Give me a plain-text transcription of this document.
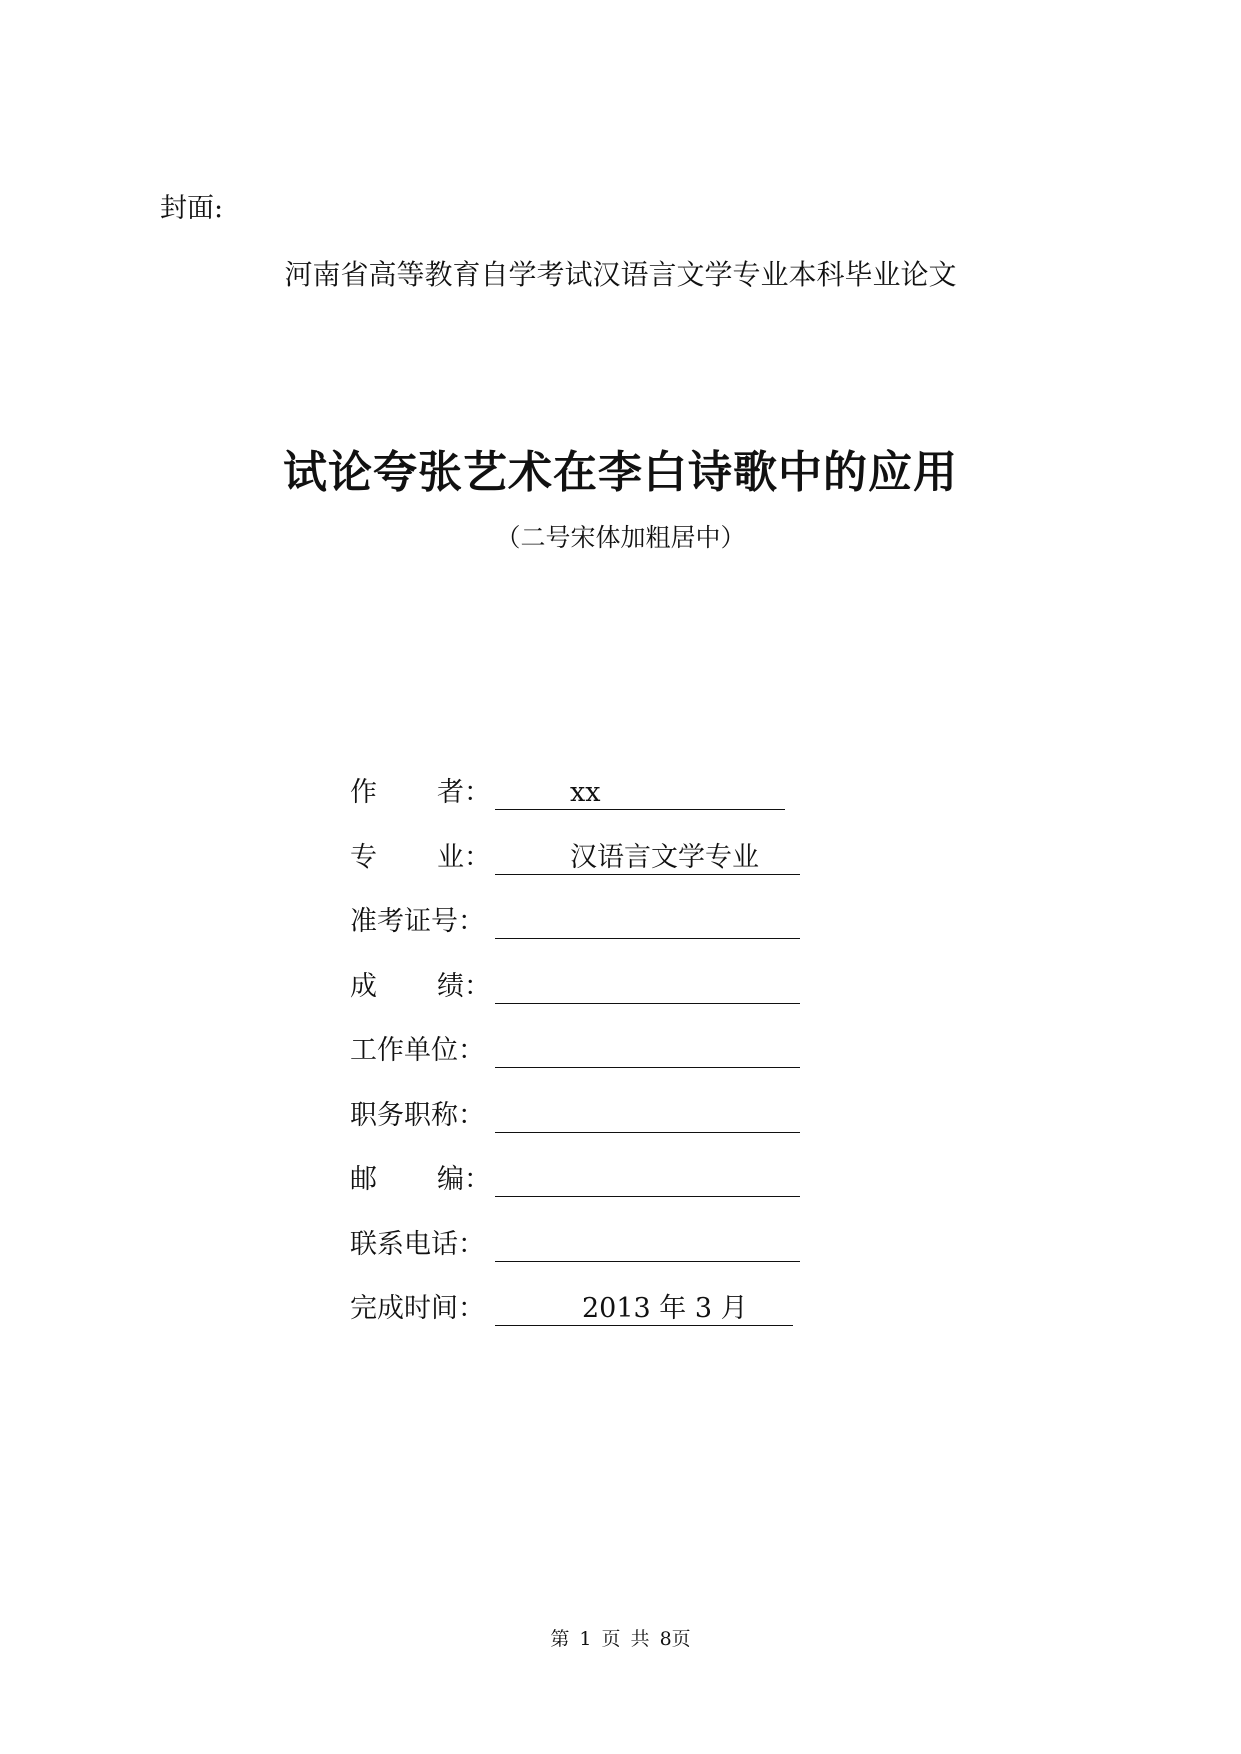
封面:
河南省高等教育自学考试汉语言文学专业本科毕业论文
试论夸张艺术在李白诗歌中的应用
（二号宋体加粗居中）
作 者：	xx
专 业：	汉语言文学专业
准考证号：
成 绩：
工作单位：
职务职称：
邮 编：
联系电话：
完成时间：	2013 年 3 月
第 1 页 共 8页
